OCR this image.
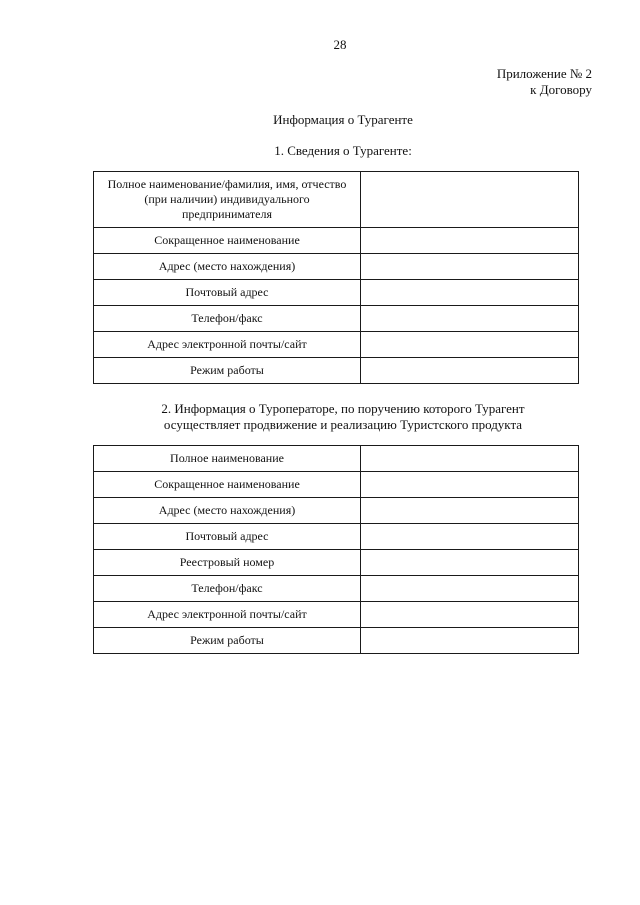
28
Приложение № 2
к Договору
Информация о Турагенте
1. Сведения о Турагенте:
Полное наименование/фамилия, имя, отчество (при наличии) индивидуального предпринимателя	
Сокращенное наименование	
Адрес (место нахождения)	
Почтовый адрес	
Телефон/факс	
Адрес электронной почты/сайт	
Режим работы	
2. Информация о Туроператоре, по поручению которого Турагент
осуществляет продвижение и реализацию Туристского продукта
Полное наименование	
Сокращенное наименование	
Адрес (место нахождения)	
Почтовый адрес	
Реестровый номер	
Телефон/факс	
Адрес электронной почты/сайт	
Режим работы	
